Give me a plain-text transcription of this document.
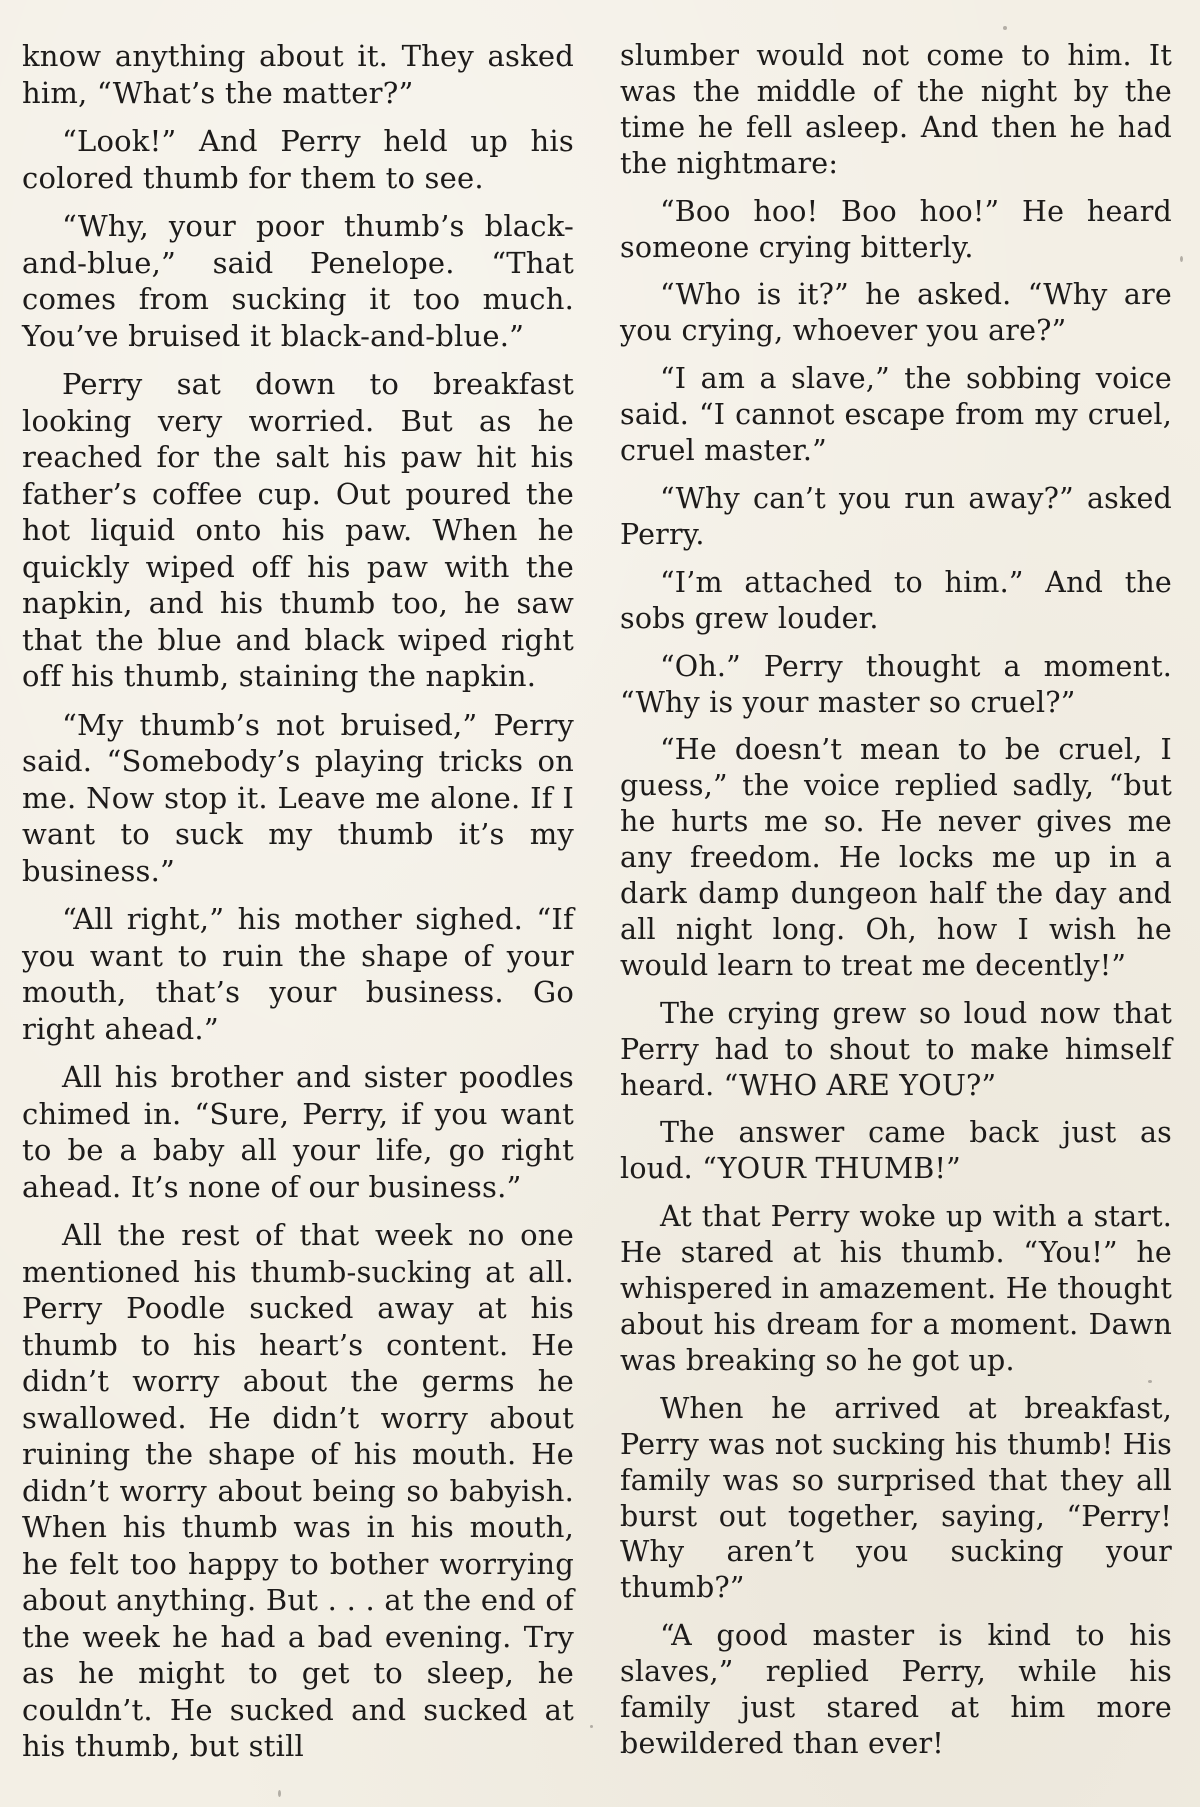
know anything about it. They asked him, “What’s the matter?”

“Look!” And Perry held up his colored thumb for them to see.

“Why, your poor thumb’s black-and-blue,” said Penelope. “That comes from sucking it too much. You’ve bruised it black-and-blue.”

Perry sat down to breakfast looking very worried. But as he reached for the salt his paw hit his father’s coffee cup. Out poured the hot liquid onto his paw. When he quickly wiped off his paw with the napkin, and his thumb too, he saw that the blue and black wiped right off his thumb, staining the napkin.

“My thumb’s not bruised,” Perry said. “Somebody’s playing tricks on me. Now stop it. Leave me alone. If I want to suck my thumb it’s my business.”

“All right,” his mother sighed. “If you want to ruin the shape of your mouth, that’s your business. Go right ahead.”

All his brother and sister poodles chimed in. “Sure, Perry, if you want to be a baby all your life, go right ahead. It’s none of our business.”

All the rest of that week no one mentioned his thumb-sucking at all. Perry Poodle sucked away at his thumb to his heart’s content. He didn’t worry about the germs he swallowed. He didn’t worry about ruining the shape of his mouth. He didn’t worry about being so babyish. When his thumb was in his mouth, he felt too happy to bother worrying about anything. But . . . at the end of the week he had a bad evening. Try as he might to get to sleep, he couldn’t. He sucked and sucked at his thumb, but still

slumber would not come to him. It was the middle of the night by the time he fell asleep. And then he had the nightmare:

“Boo hoo! Boo hoo!” He heard someone crying bitterly.

“Who is it?” he asked. “Why are you crying, whoever you are?”

“I am a slave,” the sobbing voice said. “I cannot escape from my cruel, cruel master.”

“Why can’t you run away?” asked Perry.

“I’m attached to him.” And the sobs grew louder.

“Oh.” Perry thought a moment. “Why is your master so cruel?”

“He doesn’t mean to be cruel, I guess,” the voice replied sadly, “but he hurts me so. He never gives me any freedom. He locks me up in a dark damp dungeon half the day and all night long. Oh, how I wish he would learn to treat me decently!”

The crying grew so loud now that Perry had to shout to make himself heard. “WHO ARE YOU?”

The answer came back just as loud. “YOUR THUMB!”

At that Perry woke up with a start. He stared at his thumb. “You!” he whispered in amazement. He thought about his dream for a moment. Dawn was breaking so he got up.

When he arrived at breakfast, Perry was not sucking his thumb! His family was so surprised that they all burst out together, saying, “Perry! Why aren’t you sucking your thumb?”

“A good master is kind to his slaves,” replied Perry, while his family just stared at him more bewildered than ever!
